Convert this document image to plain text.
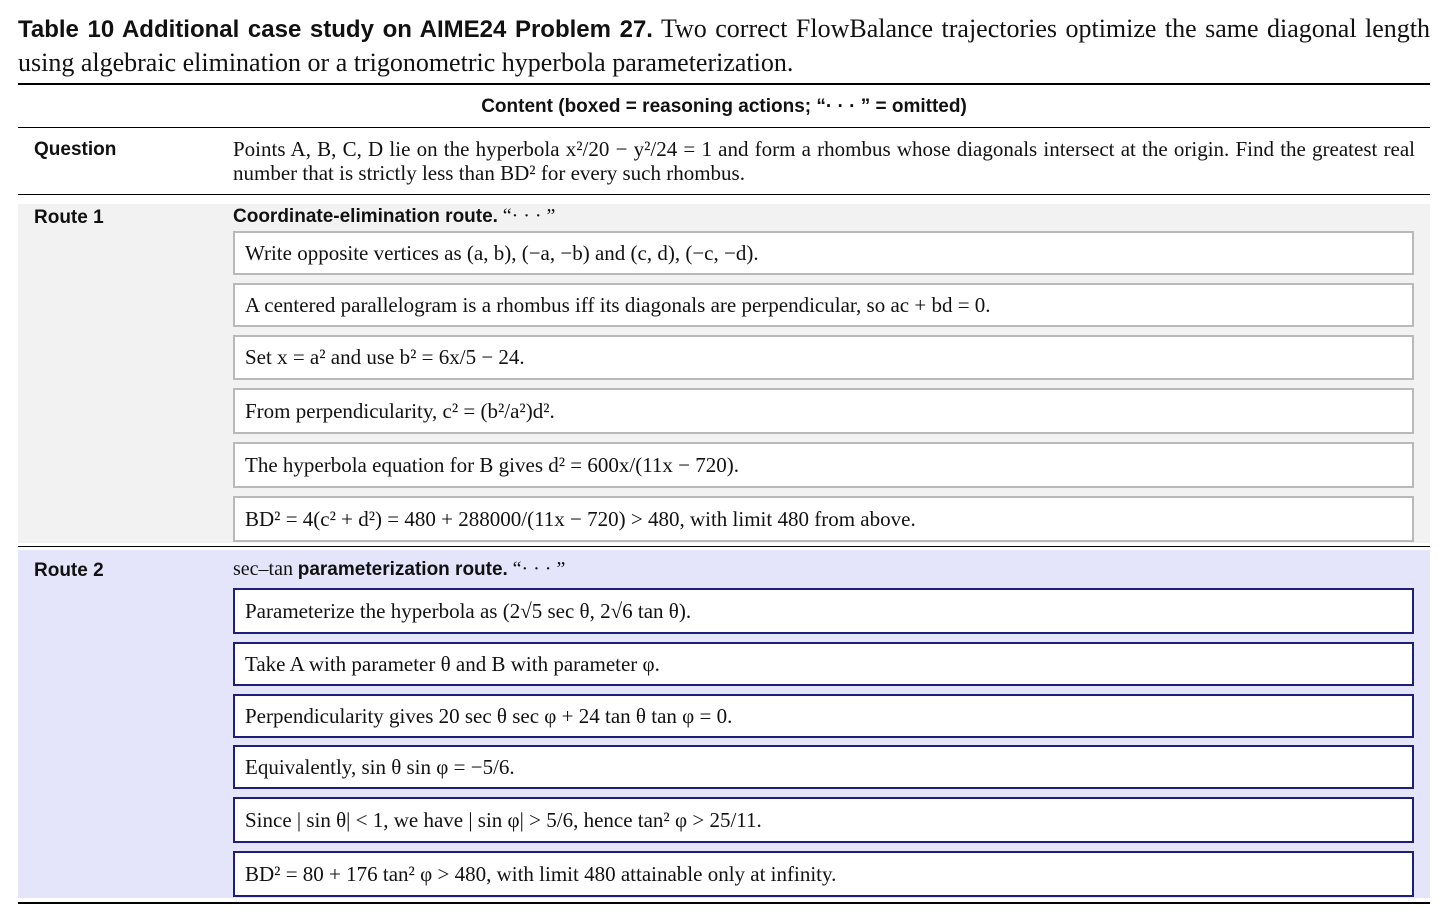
Table 10 Additional case study on AIME24 Problem 27. Two correct FlowBalance trajectories optimize the same diagonal length using algebraic elimination or a trigonometric hyperbola parameterization.
Content (boxed = reasoning actions; “· · · ” = omitted)
Question	Points A, B, C, D lie on the hyperbola x²/20 − y²/24 = 1 and form a rhombus whose diagonals intersect at the origin. Find the greatest real number that is strictly less than BD² for every such rhombus.
Route 1	Coordinate-elimination route. “· · · ”
Write opposite vertices as (a, b), (−a, −b) and (c, d), (−c, −d).
A centered parallelogram is a rhombus iff its diagonals are perpendicular, so ac + bd = 0.
Set x = a² and use b² = 6x/5 − 24.
From perpendicularity, c² = (b²/a²)d².
The hyperbola equation for B gives d² = 600x/(11x − 720).
BD² = 4(c² + d²) = 480 + 288000/(11x − 720) > 480, with limit 480 from above.
Route 2	sec–tan parameterization route. “· · · ”
Parameterize the hyperbola as (2√5 sec θ, 2√6 tan θ).
Take A with parameter θ and B with parameter φ.
Perpendicularity gives 20 sec θ sec φ + 24 tan θ tan φ = 0.
Equivalently, sin θ sin φ = −5/6.
Since | sin θ| < 1, we have | sin φ| > 5/6, hence tan² φ > 25/11.
BD² = 80 + 176 tan² φ > 480, with limit 480 attainable only at infinity.
